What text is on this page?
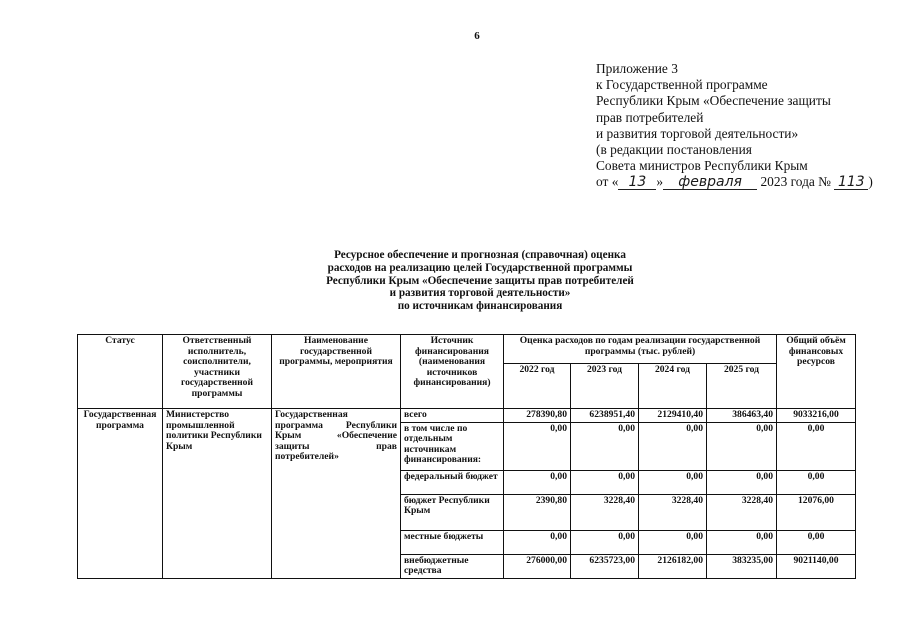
6
Приложение 3
к Государственной программе
Республики Крым «Обеспечение защиты
прав потребителей
и развития торговой деятельности»
(в редакции постановления
Совета министров Республики Крым
от « 13 » февраля 2023 года № 113 )
Ресурсное обеспечение и прогнозная (справочная) оценка
расходов на реализацию целей Государственной программы
Республики Крым «Обеспечение защиты прав потребителей
и развития торговой деятельности»
по источникам финансирования
Статус	Ответственный исполнитель, соисполнители, участники государственной программы	Наименование государственной программы, мероприятия	Источник финансирования (наименования источников финансирования)	Оценка расходов по годам реализации государственной программы (тыс. рублей)				Общий объём финансовых ресурсов
				2022 год	2023 год	2024 год	2025 год	
Государственная программа	Министерство промышленной политики Республики Крым	Государственная программа Республики Крым «Обеспечение защиты прав потребителей»	всего	278390,80	6238951,40	2129410,40	386463,40	9033216,00
			в том числе по отдельным источникам финансирования:	0,00	0,00	0,00	0,00	0,00
			федеральный бюджет	0,00	0,00	0,00	0,00	0,00
			бюджет Республики Крым	2390,80	3228,40	3228,40	3228,40	12076,00
			местные бюджеты	0,00	0,00	0,00	0,00	0,00
			внебюджетные средства	276000,00	6235723,00	2126182,00	383235,00	9021140,00
